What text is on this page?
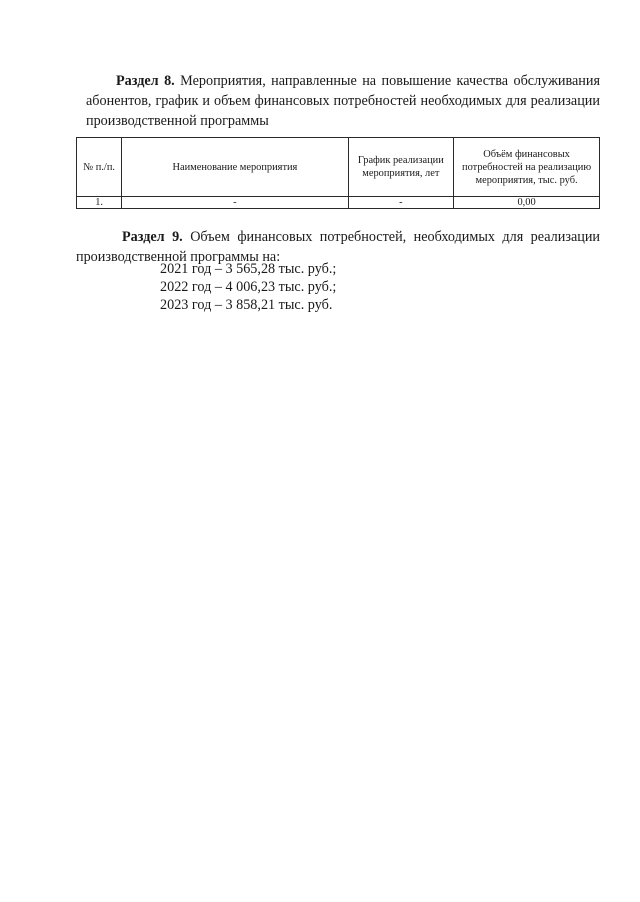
Раздел 8. Мероприятия, направленные на повышение качества обслуживания абонентов, график и объем финансовых потребностей необходимых для реализации производственной программы

№ п./п.	Наименование мероприятия	График реализации мероприятия, лет	Объём финансовых потребностей на реализацию мероприятия, тыс. руб.
1.	-	-	0,00

Раздел 9. Объем финансовых потребностей, необходимых для реализации производственной программы на:

2021 год – 3 565,28 тыс. руб.;

2022 год – 4 006,23 тыс. руб.;

2023 год – 3 858,21 тыс. руб.
